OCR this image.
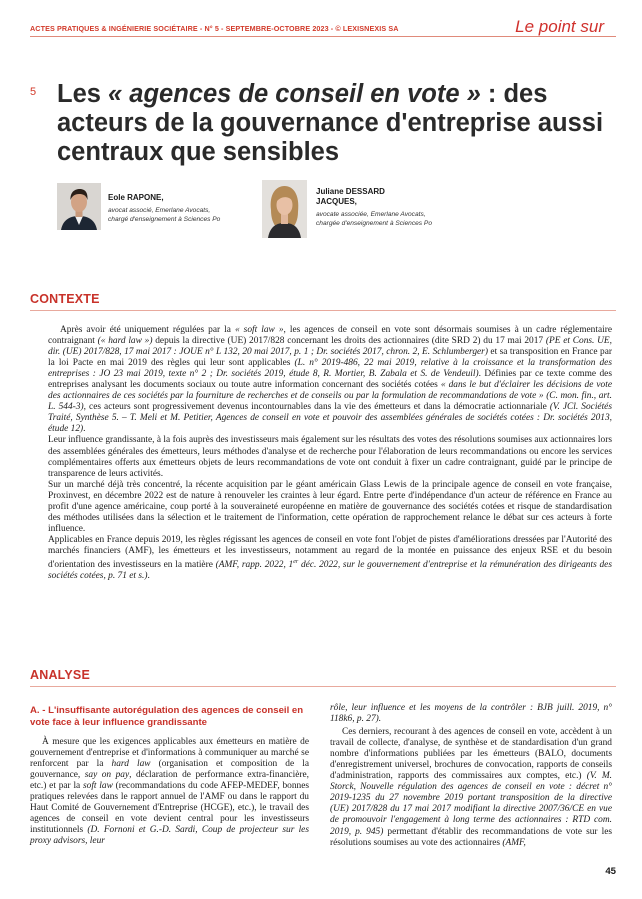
ACTES PRATIQUES & INGÉNIERIE SOCIÉTAIRE - N° 5 - SEPTEMBRE-OCTOBRE 2023 - © LEXISNEXIS SA	Le point sur
5 Les « agences de conseil en vote » : des acteurs de la gouvernance d'entreprise aussi centraux que sensibles
Eole RAPONE,
avocat associé, Emerlane Avocats,
chargé d'enseignement à Sciences Po
Juliane DESSARD
JACQUES,
avocate associée, Emerlane Avocats,
chargée d'enseignement à Sciences Po
CONTEXTE

Après avoir été uniquement régulées par la « soft law », les agences de conseil en vote sont désormais soumises à un cadre réglementaire contraignant (« hard law ») depuis la directive (UE) 2017/828 concernant les droits des actionnaires (dite SRD 2) du 17 mai 2017 (PE et Cons. UE, dir. (UE) 2017/828, 17 mai 2017 : JOUE n° L 132, 20 mai 2017, p. 1 ; Dr. sociétés 2017, chron. 2, E. Schlumberger) et sa transposition en France par la loi Pacte en mai 2019 des règles qui leur sont applicables (L. n° 2019-486, 22 mai 2019, relative à la croissance et la transformation des entreprises : JO 23 mai 2019, texte n° 2 ; Dr. sociétés 2019, étude 8, R. Mortier, B. Zabala et S. de Vendeuil). Définies par ce texte comme des entreprises analysant les documents sociaux ou toute autre information concernant des sociétés cotées « dans le but d'éclairer les décisions de vote des actionnaires de ces sociétés par la fourniture de recherches et de conseils ou par la formulation de recommandations de vote » (C. mon. fin., art. L. 544-3), ces acteurs sont progressivement devenus incontournables dans la vie des émetteurs et dans la démocratie actionnariale (V. JCl. Sociétés Traité, Synthèse 5. – T. Meli et M. Petitier, Agences de conseil en vote et pouvoir des assemblées générales de sociétés cotées : Dr. sociétés 2013, étude 12).

Leur influence grandissante, à la fois auprès des investisseurs mais également sur les résultats des votes des résolutions soumises aux actionnaires lors des assemblées générales des émetteurs, leurs méthodes d'analyse et de recherche pour l'élaboration de leurs recommandations ou encore les services complémentaires offerts aux émetteurs objets de leurs recommandations de vote ont conduit à fixer un cadre contraignant, guidé par le principe de transparence de leurs activités.

Sur un marché déjà très concentré, la récente acquisition par le géant américain Glass Lewis de la principale agence de conseil en vote française, Proxinvest, en décembre 2022 est de nature à renouveler les craintes à leur égard. Entre perte d'indépendance d'un acteur de référence en France au profit d'une agence américaine, coup porté à la souveraineté européenne en matière de gouvernance des sociétés cotées et risque de standardisation des méthodes utilisées dans la sélection et le traitement de l'information, cette opération de rapprochement relance le débat sur ces acteurs à forte influence.

Applicables en France depuis 2019, les règles régissant les agences de conseil en vote font l'objet de pistes d'améliorations dressées par l'Autorité des marchés financiers (AMF), les émetteurs et les investisseurs, notamment au regard de la montée en puissance des enjeux RSE et du besoin d'orientation des investisseurs en la matière (AMF, rapp. 2022, 1er déc. 2022, sur le gouvernement d'entreprise et la rémunération des dirigeants des sociétés cotées, p. 71 et s.).

ANALYSE
A. - L'insuffisante autorégulation des agences de conseil en vote face à leur influence grandissante

À mesure que les exigences applicables aux émetteurs en matière de gouvernement d'entreprise et d'informations à communiquer au marché se renforcent par la hard law (organisation et composition de la gouvernance, say on pay, déclaration de performance extra-financière, etc.) et par la soft law (recommandations du code AFEP-MEDEF, bonnes pratiques relevées dans le rapport annuel de l'AMF ou dans le rapport du Haut Comité de Gouvernement d'Entreprise (HCGE), etc.), le travail des agences de conseil en vote devient central pour les investisseurs institutionnels (D. Fornoni et G.-D. Sardi, Coup de projecteur sur les proxy advisors, leur

rôle, leur influence et les moyens de la contrôler : BJB juill. 2019, n° 118k6, p. 27).

Ces derniers, recourant à des agences de conseil en vote, accèdent à un travail de collecte, d'analyse, de synthèse et de standardisation d'un grand nombre d'informations publiées par les émetteurs (BALO, documents d'enregistrement universel, brochures de convocation, rapports de conseils d'administration, rapports des commissaires aux comptes, etc.) (V. M. Storck, Nouvelle régulation des agences de conseil en vote : décret n° 2019-1235 du 27 novembre 2019 portant transposition de la directive (UE) 2017/828 du 17 mai 2017 modifiant la directive 2007/36/CE en vue de promouvoir l'engagement à long terme des actionnaires : RTD com. 2019, p. 945) permettant d'établir des recommandations de vote sur les résolutions soumises au vote des actionnaires (AMF,

45
